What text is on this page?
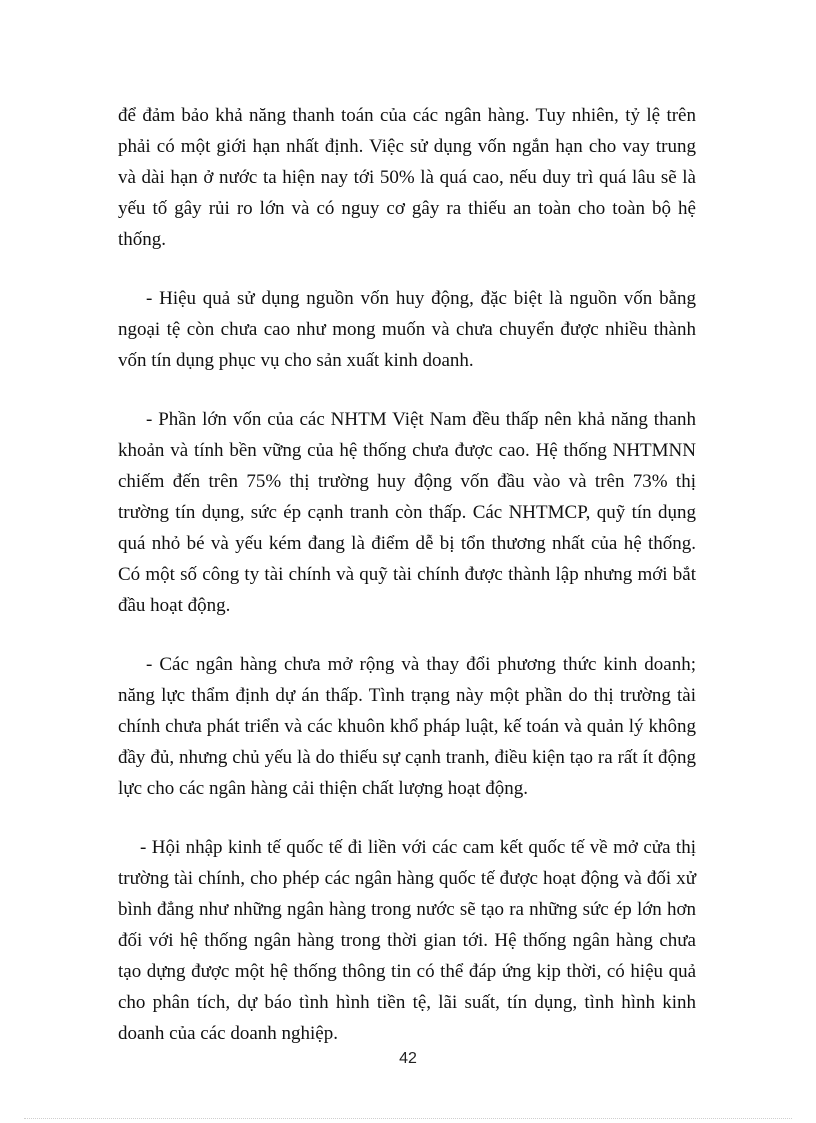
để đảm bảo khả năng thanh toán của các ngân hàng. Tuy nhiên, tỷ lệ trên phải có một giới hạn nhất định. Việc sử dụng vốn ngắn hạn cho vay trung và dài hạn ở nước ta hiện nay tới 50% là quá cao, nếu duy trì quá lâu sẽ là yếu tố gây rủi ro lớn và có nguy cơ gây ra thiếu an toàn cho toàn bộ hệ thống.

- Hiệu quả sử dụng nguồn vốn huy động, đặc biệt là nguồn vốn bằng ngoại tệ còn chưa cao như mong muốn và chưa chuyển được nhiều thành vốn tín dụng phục vụ cho sản xuất kinh doanh.

- Phần lớn vốn của các NHTM Việt Nam đều thấp nên khả năng thanh khoản và tính bền vững của hệ thống chưa được cao. Hệ thống NHTMNN chiếm đến trên 75% thị trường huy động vốn đầu vào và trên 73% thị trường tín dụng, sức ép cạnh tranh còn thấp. Các NHTMCP, quỹ tín dụng quá nhỏ bé và yếu kém đang là điểm dễ bị tổn thương nhất của hệ thống. Có một số công ty tài chính và quỹ tài chính được thành lập nhưng mới bắt đầu hoạt động.

- Các ngân hàng chưa mở rộng và thay đổi phương thức kinh doanh; năng lực thẩm định dự án thấp. Tình trạng này một phần do thị trường tài chính chưa phát triển và các khuôn khổ pháp luật, kế toán và quản lý không đầy đủ, nhưng chủ yếu là do thiếu sự cạnh tranh, điều kiện tạo ra rất ít động lực cho các ngân hàng cải thiện chất lượng hoạt động.

- Hội nhập kinh tế quốc tế đi liền với các cam kết quốc tế về mở cửa thị trường tài chính, cho phép các ngân hàng quốc tế được hoạt động và đối xử bình đẳng như những ngân hàng trong nước sẽ tạo ra những sức ép lớn hơn đối với hệ thống ngân hàng trong thời gian tới. Hệ thống ngân hàng chưa tạo dựng được một hệ thống thông tin có thể đáp ứng kịp thời, có hiệu quả cho phân tích, dự báo tình hình tiền tệ, lãi suất, tín dụng, tình hình kinh doanh của các doanh nghiệp.

42
